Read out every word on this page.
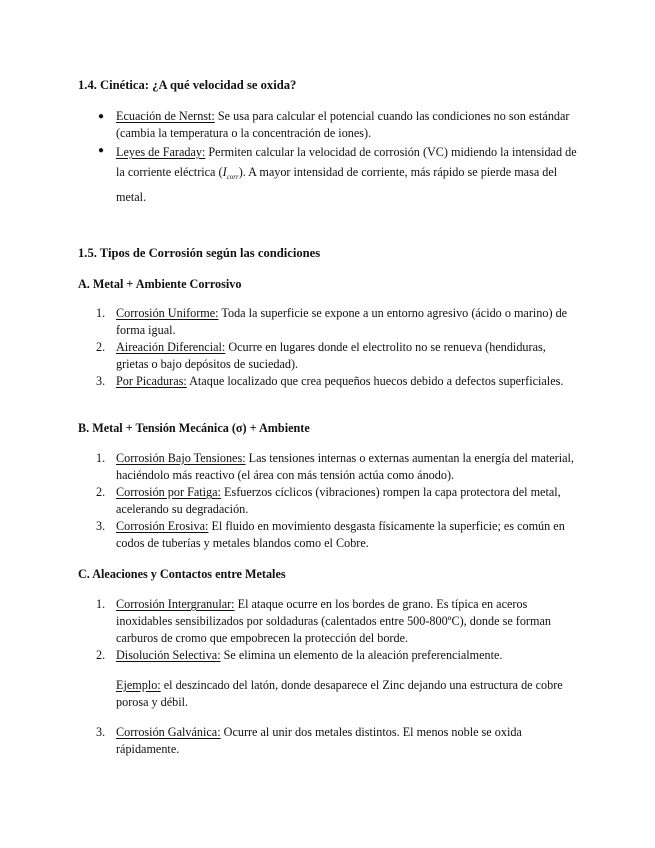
1.4. Cinética: ¿A qué velocidad se oxida?
● Ecuación de Nernst: Se usa para calcular el potencial cuando las condiciones no son estándar (cambia la temperatura o la concentración de iones).
● Leyes de Faraday: Permiten calcular la velocidad de corrosión (VC) midiendo la intensidad de la corriente eléctrica $(I_{corr})$. A mayor intensidad de corriente, más rápido se pierde masa del metal.
1.5. Tipos de Corrosión según las condiciones
A. Metal + Ambiente Corrosivo
1. Corrosión Uniforme: Toda la superficie se expone a un entorno agresivo (ácido o marino) de forma igual.
2. Aireación Diferencial: Ocurre en lugares donde el electrolito no se renueva (hendiduras, grietas o bajo depósitos de suciedad).
3. Por Picaduras: Ataque localizado que crea pequeños huecos debido a defectos superficiales.
B. Metal + Tensión Mecánica (σ) + Ambiente
1. Corrosión Bajo Tensiones: Las tensiones internas o externas aumentan la energía del material, haciéndolo más reactivo (el área con más tensión actúa como ánodo).
2. Corrosión por Fatiga: Esfuerzos cíclicos (vibraciones) rompen la capa protectora del metal, acelerando su degradación.
3. Corrosión Erosiva: El fluido en movimiento desgasta físicamente la superficie; es común en codos de tuberías y metales blandos como el Cobre.
C. Aleaciones y Contactos entre Metales
1. Corrosión Intergranular: El ataque ocurre en los bordes de grano. Es típica en aceros inoxidables sensibilizados por soldaduras (calentados entre 500-800ºC), donde se forman carburos de cromo que empobrecen la protección del borde.
2. Disolución Selectiva: Se elimina un elemento de la aleación preferencialmente.
Ejemplo: el deszincado del latón, donde desaparece el Zinc dejando una estructura de cobre porosa y débil.
3. Corrosión Galvánica: Ocurre al unir dos metales distintos. El menos noble se oxida rápidamente.
